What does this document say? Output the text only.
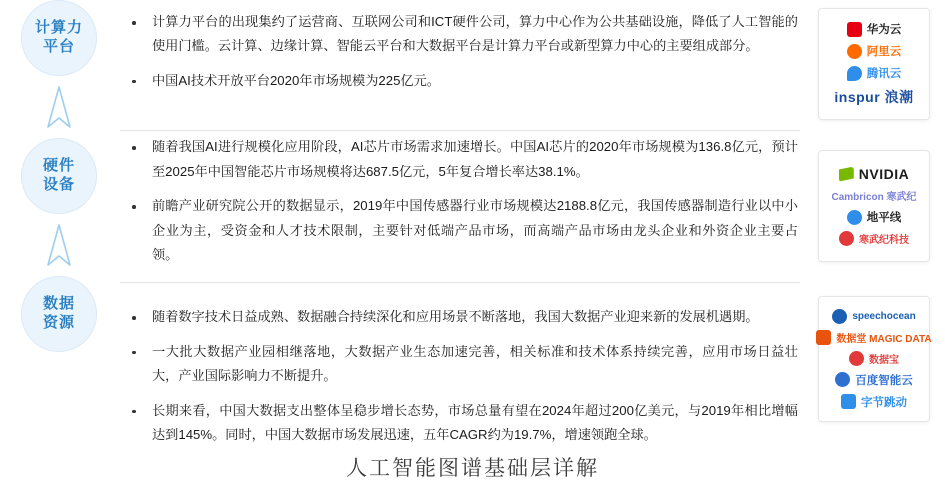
计算力
平台
硬件
设备
数据
资源
计算力平台的出现集约了运营商、互联网公司和ICT硬件公司，算力中心作为公共基础设施，降低了人工智能的使用门槛。云计算、边缘计算、智能云平台和大数据平台是计算力平台或新型算力中心的主要组成部分。
中国AI技术开放平台2020年市场规模为225亿元。
随着我国AI进行规模化应用阶段，AI芯片市场需求加速增长。中国AI芯片的2020年市场规模为136.8亿元，预计至2025年中国智能芯片市场规模将达687.5亿元，5年复合增长率达38.1%。
前瞻产业研究院公开的数据显示，2019年中国传感器行业市场规模达2188.8亿元，我国传感器制造行业以中小企业为主，受资金和人才技术限制，主要针对低端产品市场，而高端产品市场由龙头企业和外资企业主要占领。
随着数字技术日益成熟、数据融合持续深化和应用场景不断落地，我国大数据产业迎来新的发展机遇期。
一大批大数据产业园相继落地，大数据产业生态加速完善，相关标准和技术体系持续完善，应用市场日益壮大，产业国际影响力不断提升。
长期来看，中国大数据支出整体呈稳步增长态势，市场总量有望在2024年超过200亿美元，与2019年相比增幅达到145%。同时，中国大数据市场发展迅速，五年CAGR约为19.7%，增速领跑全球。
华为云
阿里云
腾讯云
inspur 浪潮
NVIDIA
Cambricon 寒武纪
地平线
寒武纪科技
speechocean
数据堂 MAGIC DATA
数据宝
百度智能云
字节跳动
人工智能图谱基础层详解
